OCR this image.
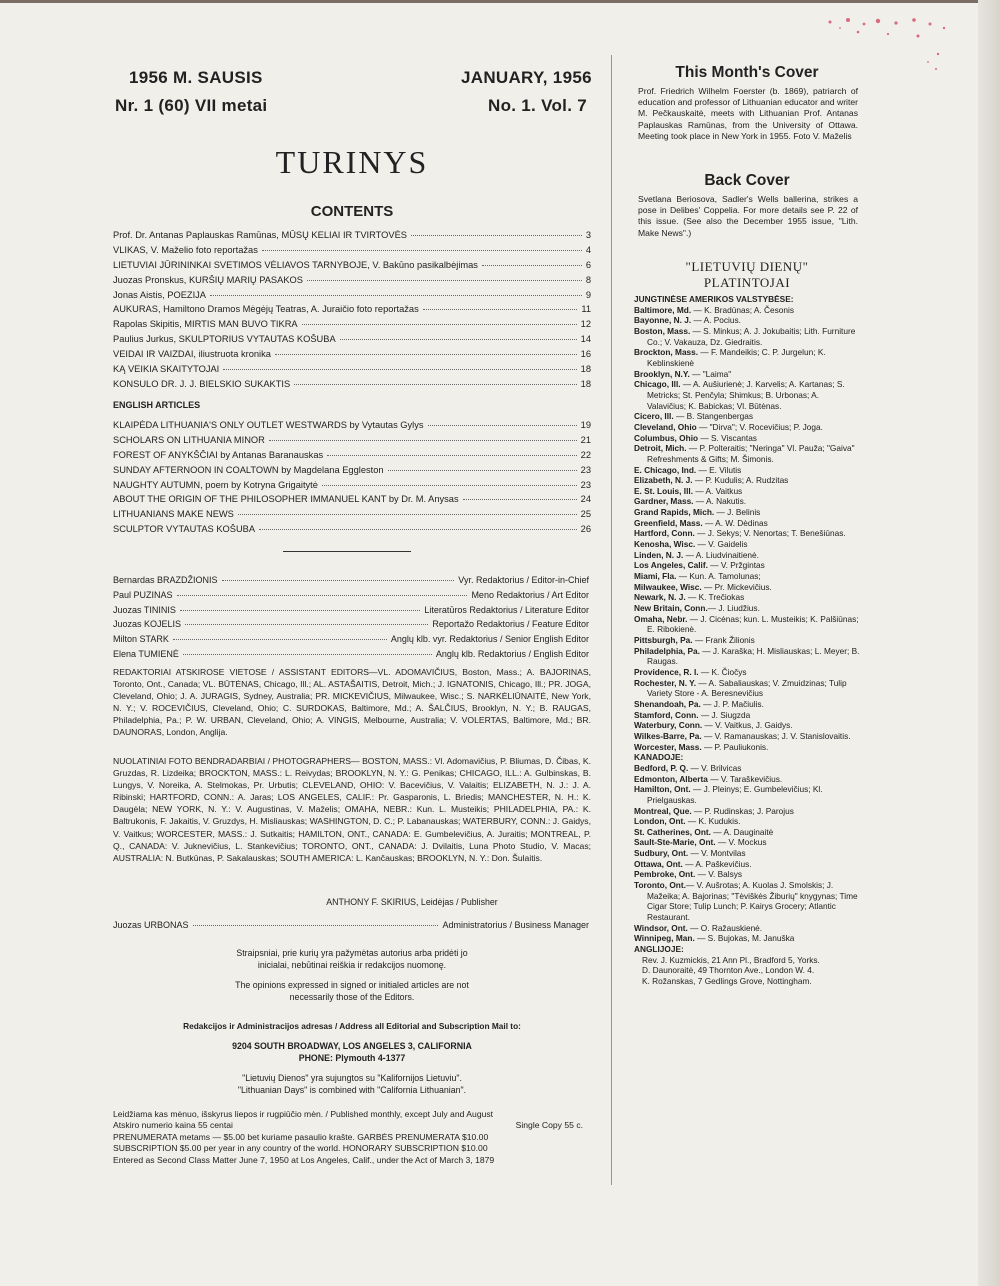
1956 M. SAUSIS
Nr. 1 (60) VII metai
JANUARY, 1956
No. 1. Vol. 7
TURINYS
CONTENTS
Prof. Dr. Antanas Paplauskas Ramūnas, MŪSŲ KELIAI IR TVIRTOVĖS	3
VLIKAS, V. Maželio foto reportažas	4
LIETUVIAI JŪRININKAI SVETIMOS VĖLIAVOS TARNYBOJE, V. Bakūno pasikalbėjimas	6
Juozas Pronskus, KURŠIŲ MARIŲ PASAKOS	8
Jonas Aistis, POEZIJA	9
AUKURAS, Hamiltono Dramos Mėgėjų Teatras, A. Juraičio foto reportažas	11
Rapolas Skipitis, MIRTIS MAN BUVO TIKRA	12
Paulius Jurkus, SKULPTORIUS VYTAUTAS KOŠUBA	14
VEIDAI IR VAIZDAI, iliustruota kronika	16
KĄ VEIKIA SKAITYTOJAI	18
KONSULO DR. J. J. BIELSKIO SUKAKTIS	18
ENGLISH ARTICLES
KLAIPĖDA LITHUANIA'S ONLY OUTLET WESTWARDS by Vytautas Gylys	19
SCHOLARS ON LITHUANIA MINOR	21
FOREST OF ANYKŠČIAI by Antanas Baranauskas	22
SUNDAY AFTERNOON IN COALTOWN by Magdelana Eggleston	23
NAUGHTY AUTUMN, poem by Kotryna Grigaitytė	23
ABOUT THE ORIGIN OF THE PHILOSOPHER IMMANUEL KANT by Dr. M. Anysas	24
LITHUANIANS MAKE NEWS	25
SCULPTOR VYTAUTAS KOŠUBA	26
Bernardas BRAZDŽIONIS	Vyr. Redaktorius / Editor-in-Chief
Paul PUZINAS	Meno Redaktorius / Art Editor
Juozas TININIS	Literatūros Redaktorius / Literature Editor
Juozas KOJELIS	Reportažo Redaktorius / Feature Editor
Milton STARK	Anglų klb. vyr. Redaktorius / Senior English Editor
Elena TUMIENĖ	Anglų klb. Redaktorius / English Editor
REDAKTORIAI ATSKIROSE VIETOSE / ASSISTANT EDITORS—VL. ADOMAVIČIUS, Boston, Mass.; A. BAJORINAS, Toronto, Ont., Canada; VL. BŪTĖNAS, Chicago, Ill.; AL. ASTAŠAITIS, Detroit, Mich.; J. IGNATONIS, Chicago, Ill.; PR. JOGA, Cleveland, Ohio; J. A. JURAGIS, Sydney, Australia; PR. MICKEVIČIUS, Milwaukee, Wisc.; S. NARKĖLIŪNAITĖ, New York, N. Y.; V. ROCEVIČIUS, Cleveland, Ohio; C. SURDOKAS, Baltimore, Md.; A. ŠALČIUS, Brooklyn, N. Y.; B. RAUGAS, Philadelphia, Pa.; P. W. URBAN, Cleveland, Ohio; A. VINGIS, Melbourne, Australia; V. VOLERTAS, Baltimore, Md.; BR. DAUNORAS, London, Anglija.
NUOLATINIAI FOTO BENDRADARBIAI / PHOTOGRAPHERS— BOSTON, MASS.: Vl. Adomavičius, P. Bliumas, D. Čibas, K. Gruzdas, R. Lizdeika; BROCKTON, MASS.: L. Reivydas; BROOKLYN, N. Y.: G. Penikas; CHICAGO, ILL.: A. Gulbinskas, B. Lungys, V. Noreika, A. Stelmokas, Pr. Urbutis; CLEVELAND, OHIO: V. Bacevičius, V. Valaitis; ELIZABETH, N. J.: J. A. Ribinski; HARTFORD, CONN.: A. Jaras; LOS ANGELES, CALIF.: Pr. Gasparonis, L. Briedis; MANCHESTER, N. H.: K. Daugėla; NEW YORK, N. Y.: V. Augustinas, V. Maželis; OMAHA, NEBR.: Kun. L. Musteikis; PHILADELPHIA, PA.: K. Baltrukonis, F. Jakaitis, V. Gruzdys, H. Misliauskas; WASHINGTON, D. C.; P. Labanauskas; WATERBURY, CONN.: J. Gaidys, V. Vaitkus; WORCESTER, MASS.: J. Sutkaitis; HAMILTON, ONT., CANADA: E. Gumbelevičius, A. Juraitis; MONTREAL, P. Q., CANADA: V. Juknevičius, L. Stankevičius; TORONTO, ONT., CANADA: J. Dvilaitis, Luna Photo Studio, V. Macas; AUSTRALIA: N. Butkūnas, P. Sakalauskas; SOUTH AMERICA: L. Kančauskas; BROOKLYN, N. Y.: Don. Šulaitis.
ANTHONY F. SKIRIUS, Leidėjas / Publisher
Juozas URBONAS	Administratorius / Business Manager
Straipsniai, prie kurių yra pažymėtas autorius arba pridėti jo inicialai, nebūtinai reiškia ir redakcijos nuomonę.
The opinions expressed in signed or initialed articles are not necessarily those of the Editors.
Redakcijos ir Administracijos adresas / Address all Editorial and Subscription Mail to:
9204 SOUTH BROADWAY, LOS ANGELES 3, CALIFORNIA
PHONE: Plymouth 4-1377
"Lietuvių Dienos" yra sujungtos su "Kalifornijos Lietuviu".
"Lithuanian Days" is combined with "California Lithuanian".
Leidžiama kas mėnuo, išskyrus liepos ir rugpiūčio mėn. / Published monthly, except July and August
Atskiro numerio kaina 55 centai	Single Copy 55 c.
PRENUMERATA metams — $5.00 bet kuriame pasaulio krašte. GARBĖS PRENUMERATA $10.00
SUBSCRIPTION $5.00 per year in any country of the world. HONORARY SUBSCRIPTION $10.00
Entered as Second Class Matter June 7, 1950 at Los Angeles, Calif., under the Act of March 3, 1879
This Month's Cover
Prof. Friedrich Wilhelm Foerster (b. 1869), patriarch of education and professor of Lithuanian educator and writer M. Pečkauskaitė, meets with Lithuanian Prof. Antanas Paplauskas Ramūnas, from the University of Ottawa. Meeting took place in New York in 1955. Foto V. Maželis
Back Cover
Svetlana Beriosova, Sadler's Wells ballerina, strikes a pose in Delibes' Coppelia. For more details see P. 22 of this issue. (See also the December 1955 issue, "Lith. Make News".)
"LIETUVIŲ DIENŲ"
PLATINTOJAI
JUNGTINĖSE AMERIKOS VALSTYBĖSE:
Baltimore, Md. — K. Bradūnas; A. Česonis
Bayonne, N. J. — A. Pocius.
Boston, Mass. — S. Minkus; A. J. Jokubaitis; Lith. Furniture Co.; V. Vakauza, Dz. Giedraitis.
Brockton, Mass. — F. Mandeikis; C. P. Jurgelun; K. Keblinskienė
Brooklyn, N.Y. — "Laima"
Chicago, Ill. — A. Aušiurienė; J. Karvelis; A. Kartanas; S. Metricks; St. Penčyla; Shimkus; B. Urbonas; A. Valavičius; K. Babickas; Vl. Būtėnas.
Cicero, Ill. — B. Stangenbergas
Cleveland, Ohio — "Dirva"; V. Rocevičius; P. Joga.
Columbus, Ohio — S. Viscantas
Detroit, Mich. — P. Polteraitis; "Neringa" Vl. Pauža; "Gaiva" Refreshments & Gifts; M. Šimonis.
E. Chicago, Ind. — E. Vilutis
Elizabeth, N. J. — P. Kudulis; A. Rudzitas
E. St. Louis, Ill. — A. Vaitkus
Gardner, Mass. — A. Nakutis.
Grand Rapids, Mich. — J. Belinis
Greenfield, Mass. — A. W. Dėdinas
Hartford, Conn. — J. Sekys; V. Nenortas; T. Benešiūnas.
Kenosha, Wisc. — V. Gaidelis
Linden, N. J. — A. Liudvinaitienė.
Los Angeles, Calif. — V. Pržgintas
Miami, Fla. — Kun. A. Tamolunas;
Milwaukee, Wisc. — Pr. Mickevičius.
Newark, N. J. — K. Trečiokas
New Britain, Conn.— J. Liudžius.
Omaha, Nebr. — J. Cicėnas; kun. L. Musteikis; K. Palšiūnas; E. Ribokienė.
Pittsburgh, Pa. — Frank Žilionis
Philadelphia, Pa. — J. Karaška; H. Misliauskas; L. Meyer; B. Raugas.
Providence, R. I. — K. Čiočys
Rochester, N. Y. — A. Sabaliauskas; V. Zmuidzinas; Tulip Variety Store - A. Beresnevičius
Shenandoah, Pa. — J. P. Mačiulis.
Stamford, Conn. — J. Siugzda
Waterbury, Conn. — V. Vaitkus, J. Gaidys.
Wilkes-Barre, Pa. — V. Ramanauskas; J. V. Stanislovaitis.
Worcester, Mass. — P. Pauliukonis.
KANADOJE:
Bedford, P. Q. — V. Brilvicas
Edmonton, Alberta — V. Taraškevičius.
Hamilton, Ont. — J. Pleinys; E. Gumbelevičius; Kl. Prielgauskas.
Montreal, Que. — P. Rudinskas; J. Parojus
London, Ont. — K. Kudukis.
St. Catherines, Ont. — A. Dauginaitė
Sault-Ste-Marie, Ont. — V. Mockus
Sudbury, Ont. — V. Montvilas
Ottawa, Ont. — A. Paškevičius.
Pembroke, Ont. — V. Balsys
Toronto, Ont.— V. Aušrotas; A. Kuolas J. Smolskis; J. Mažeika; A. Bajorinas; "Tėviškės Žiburių" knygynas; Time Cigar Store; Tulip Lunch; P. Kairys Grocery; Atlantic Restaurant.
Windsor, Ont. — O. Ražauskienė.
Winnipeg, Man. — S. Bujokas, M. Januška
ANGLIJOJE:
Rev. J. Kuzmickis, 21 Ann Pl., Bradford 5, Yorks.
D. Daunoraitė, 49 Thornton Ave., London W. 4.
K. Rožanskas, 7 Gedlings Grove, Nottingham.
